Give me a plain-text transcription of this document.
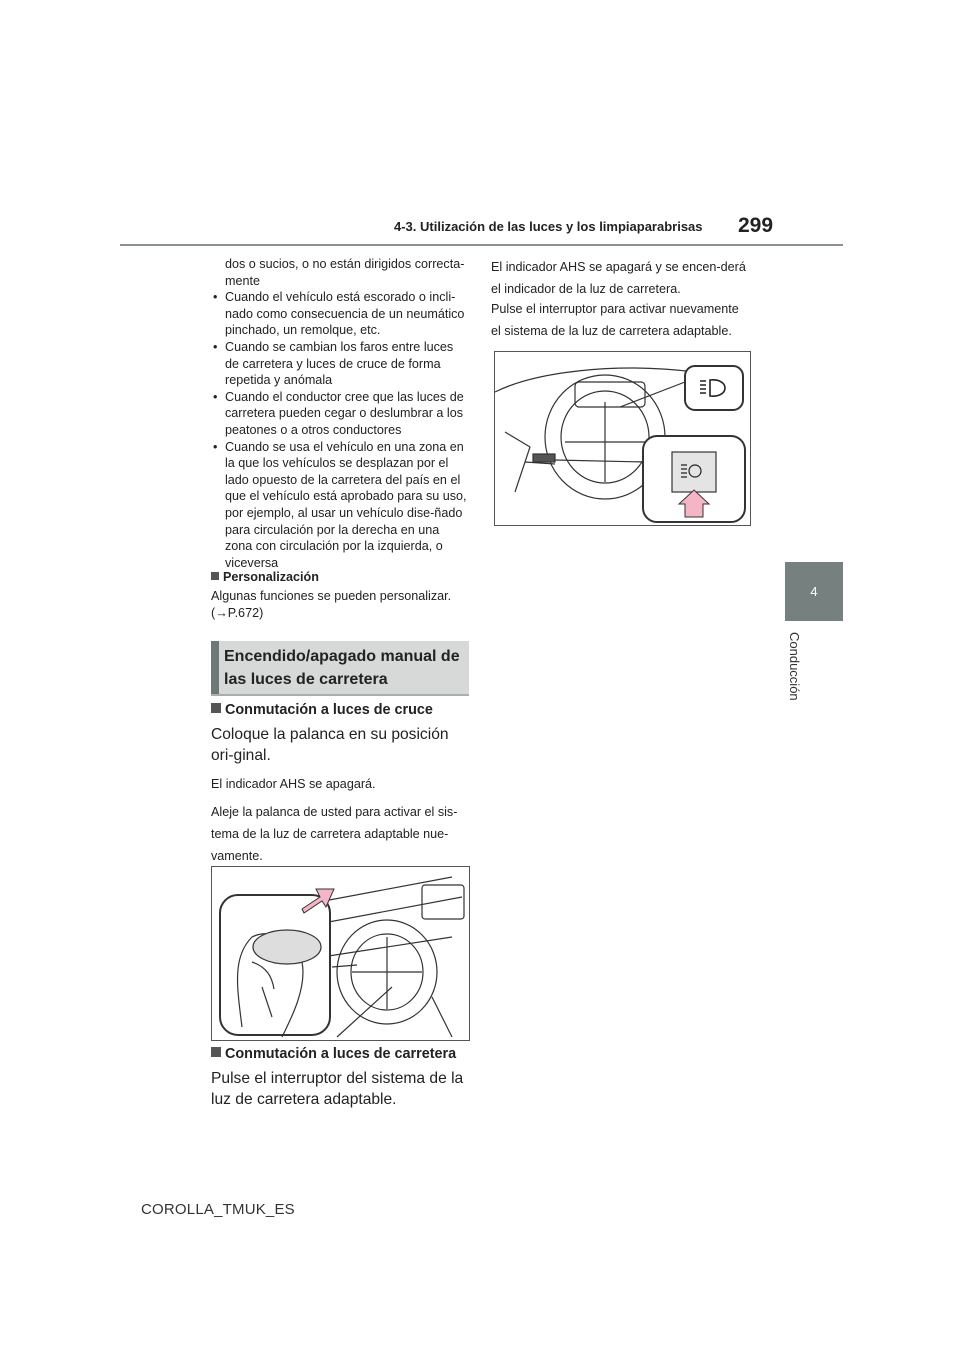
4-3. Utilización de las luces y los limpiaparabrisas 299
4
Conducción
dos o sucios, o no están dirigidos correcta-mente
• Cuando el vehículo está escorado o incli-nado como consecuencia de un neumático pinchado, un remolque, etc.
• Cuando se cambian los faros entre luces de carretera y luces de cruce de forma repetida y anómala
• Cuando el conductor cree que las luces de carretera pueden cegar o deslumbrar a los peatones o a otros conductores
• Cuando se usa el vehículo en una zona en la que los vehículos se desplazan por el lado opuesto de la carretera del país en el que el vehículo está aprobado para su uso, por ejemplo, al usar un vehículo dise-ñado para circulación por la derecha en una zona con circulación por la izquierda, o viceversa
Personalización
Algunas funciones se pueden personalizar. (→P.672)
Encendido/apagado manual de las luces de carretera
Conmutación a luces de cruce
Coloque la palanca en su posición ori-ginal.
El indicador AHS se apagará.
Aleje la palanca de usted para activar el sis-tema de la luz de carretera adaptable nue-vamente.
Conmutación a luces de carretera
Pulse el interruptor del sistema de la luz de carretera adaptable.
El indicador AHS se apagará y se encen-derá el indicador de la luz de carretera.
Pulse el interruptor para activar nuevamente el sistema de la luz de carretera adaptable.
COROLLA_TMUK_ES
